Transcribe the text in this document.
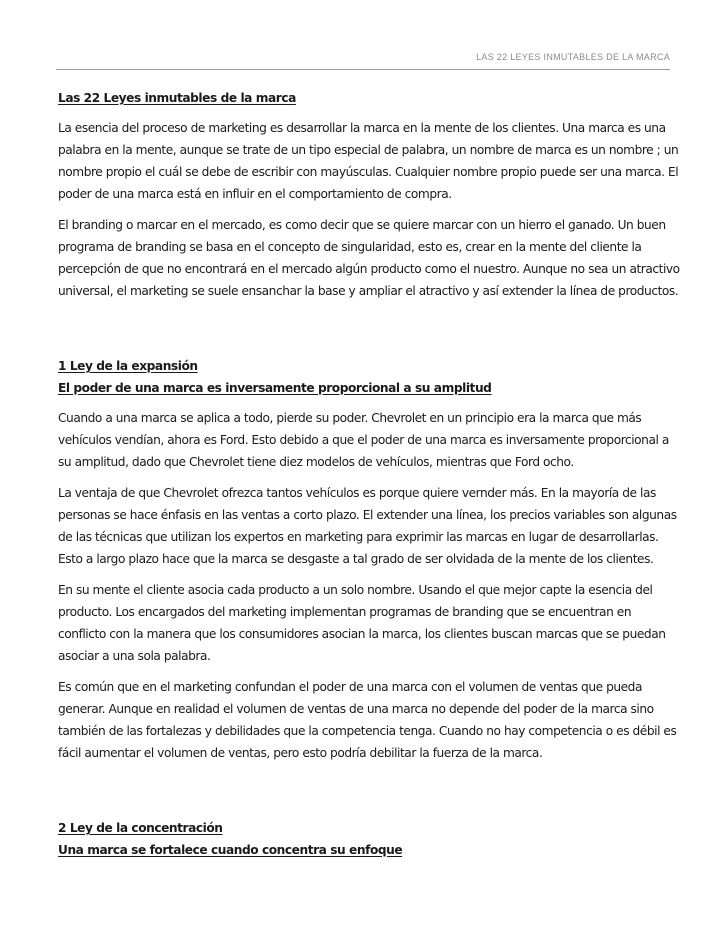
LAS 22 LEYES INMUTABLES DE LA MARCA
Las 22 Leyes inmutables de la marca

La esencia del proceso de marketing es desarrollar la marca en la mente de los clientes. Una marca es una palabra en la mente, aunque se trate de un tipo especial de palabra, un nombre de marca es un nombre ; un nombre propio el cuál se debe de escribir con mayúsculas. Cualquier nombre propio puede ser una marca. El poder de una marca está en influir en el comportamiento de compra.

El branding o marcar en el mercado, es como decir que se quiere marcar con un hierro el ganado. Un buen programa de branding se basa en el concepto de singularidad, esto es, crear en la mente del cliente la percepción de que no encontrará en el mercado algún producto como el nuestro. Aunque no sea un atractivo universal, el marketing se suele ensanchar la base y ampliar el atractivo y así extender la línea de productos.

1 Ley de la expansión
El poder de una marca es inversamente proporcional a su amplitud

Cuando a una marca se aplica a todo, pierde su poder. Chevrolet en un principio era la marca que más vehículos vendían, ahora es Ford. Esto debido a que el poder de una marca es inversamente proporcional a su amplitud, dado que Chevrolet tiene diez modelos de vehículos, mientras que Ford ocho.

La ventaja de que Chevrolet ofrezca tantos vehículos es porque quiere vernder más. En la mayoría de las personas se hace énfasis en las ventas a corto plazo. El extender una línea, los precios variables son algunas de las técnicas que utilizan los expertos en marketing para exprimir las marcas en lugar de desarrollarlas. Esto a largo plazo hace que la marca se desgaste a tal grado de ser olvidada de la mente de los clientes.

En su mente el cliente asocia cada producto a un solo nombre. Usando el que mejor capte la esencia del producto. Los encargados del marketing implementan programas de branding que se encuentran en conflicto con la manera que los consumidores asocian la marca, los clientes buscan marcas que se puedan asociar a una sola palabra.

Es común que en el marketing confundan el poder de una marca con el volumen de ventas que pueda generar. Aunque en realidad el volumen de ventas de una marca no depende del poder de la marca sino también de las fortalezas y debilidades que la competencia tenga. Cuando no hay competencia o es débil es fácil aumentar el volumen de ventas, pero esto podría debilitar la fuerza de la marca.

2 Ley de la concentración
Una marca se fortalece cuando concentra su enfoque
